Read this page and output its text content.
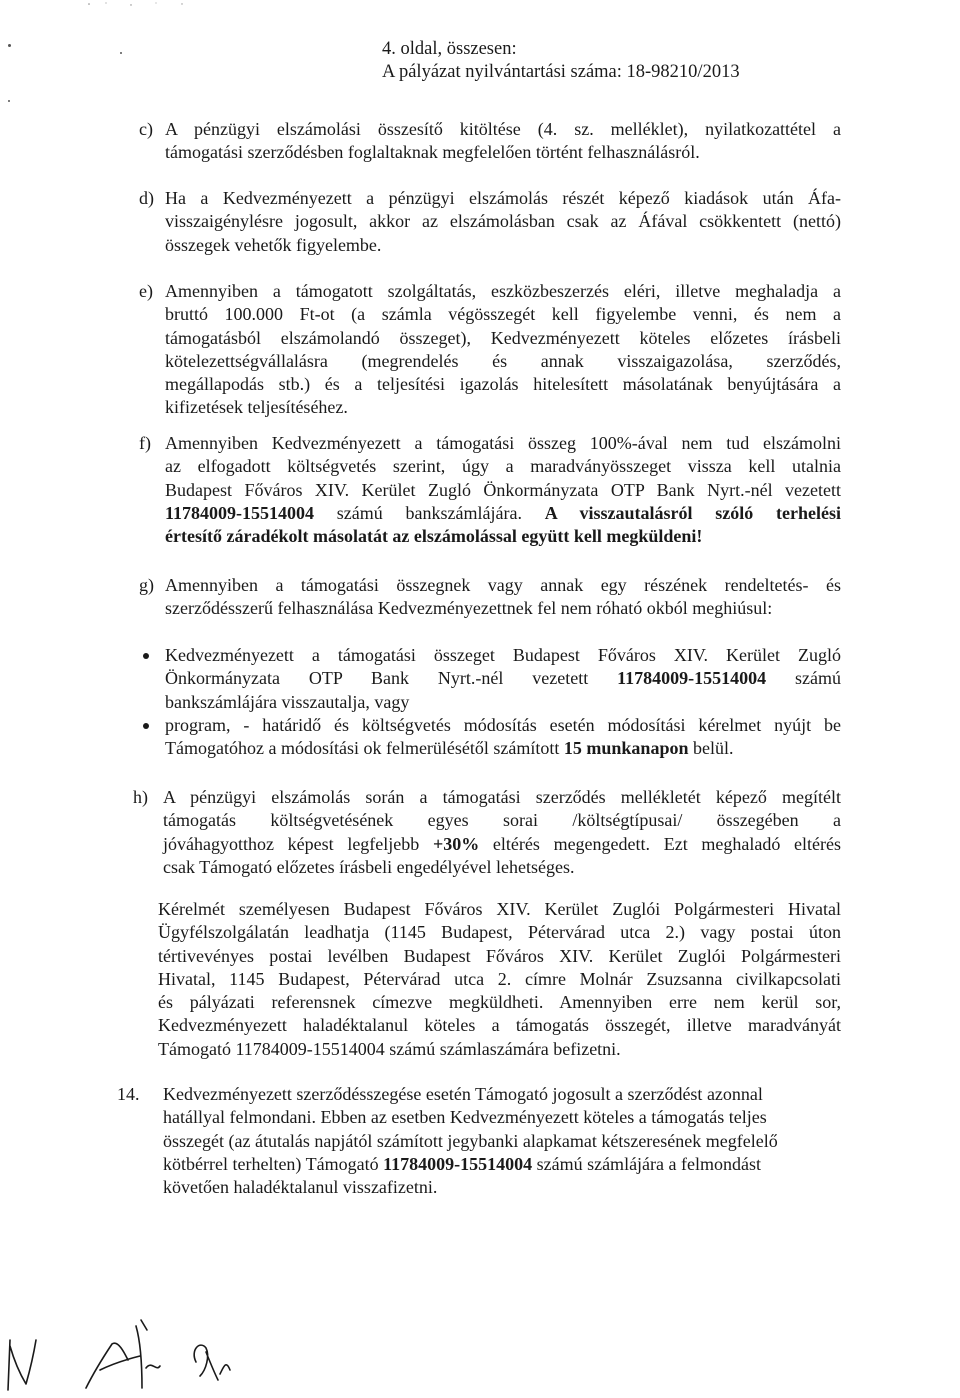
4. oldal, összesen:
A pályázat nyilvántartási száma: 18-98210/2013
c) A pénzügyi elszámolási összesítő kitöltése (4. sz. melléklet), nyilatkozattétel a
támogatási szerződésben foglaltaknak megfelelően történt felhasználásról.
d) Ha a Kedvezményezett a pénzügyi elszámolás részét képező kiadások után Áfa-
visszaigénylésre jogosult, akkor az elszámolásban csak az Áfával csökkentett (nettó)
összegek vehetők figyelembe.
e) Amennyiben a támogatott szolgáltatás, eszközbeszerzés eléri, illetve meghaladja a
bruttó 100.000 Ft-ot (a számla végösszegét kell figyelembe venni, és nem a
támogatásból elszámolandó összeget), Kedvezményezett köteles előzetes írásbeli
kötelezettségvállalásra (megrendelés és annak visszaigazolása, szerződés,
megállapodás stb.) és a teljesítési igazolás hitelesített másolatának benyújtására a
kifizetések teljesítéséhez.
f) Amennyiben Kedvezményezett a támogatási összeg 100%-ával nem tud elszámolni
az elfogadott költségvetés szerint, úgy a maradványösszeget vissza kell utalnia
Budapest Főváros XIV. Kerület Zugló Önkormányzata OTP Bank Nyrt.-nél vezetett
11784009-15514004 számú bankszámlájára. A visszautalásról szóló terhelési
értesítő záradékolt másolatát az elszámolással együtt kell megküldeni!
g) Amennyiben a támogatási összegnek vagy annak egy részének rendeltetés- és
szerződésszerű felhasználása Kedvezményezettnek fel nem róható okból meghiúsul:
Kedvezményezett a támogatási összeget Budapest Főváros XIV. Kerület Zugló
Önkormányzata OTP Bank Nyrt.-nél vezetett 11784009-15514004 számú
bankszámlájára visszautalja, vagy
program, - határidő és költségvetés módosítás esetén módosítási kérelmet nyújt be
Támogatóhoz a módosítási ok felmerülésétől számított 15 munkanapon belül.
h) A pénzügyi elszámolás során a támogatási szerződés mellékletét képező megítélt
támogatás költségvetésének egyes sorai /költségtípusai/ összegében a
jóváhagyotthoz képest legfeljebb +30% eltérés megengedett. Ezt meghaladó eltérés
csak Támogató előzetes írásbeli engedélyével lehetséges.
Kérelmét személyesen Budapest Főváros XIV. Kerület Zuglói Polgármesteri Hivatal
Ügyfélszolgálatán leadhatja (1145 Budapest, Pétervárad utca 2.) vagy postai úton
tértivevényes postai levélben Budapest Főváros XIV. Kerület Zuglói Polgármesteri
Hivatal, 1145 Budapest, Pétervárad utca 2. címre Molnár Zsuzsanna civilkapcsolati
és pályázati referensnek címezve megküldheti. Amennyiben erre nem kerül sor,
Kedvezményezett haladéktalanul köteles a támogatás összegét, illetve maradványát
Támogató 11784009-15514004 számú számlaszámára befizetni.
14. Kedvezményezett szerződésszegése esetén Támogató jogosult a szerződést azonnal
hatállyal felmondani. Ebben az esetben Kedvezményezett köteles a támogatás teljes
összegét (az átutalás napjától számított jegybanki alapkamat kétszeresének megfelelő
kötbérrel terhelten) Támogató 11784009-15514004 számú számlájára a felmondást
követően haladéktalanul visszafizetni.
